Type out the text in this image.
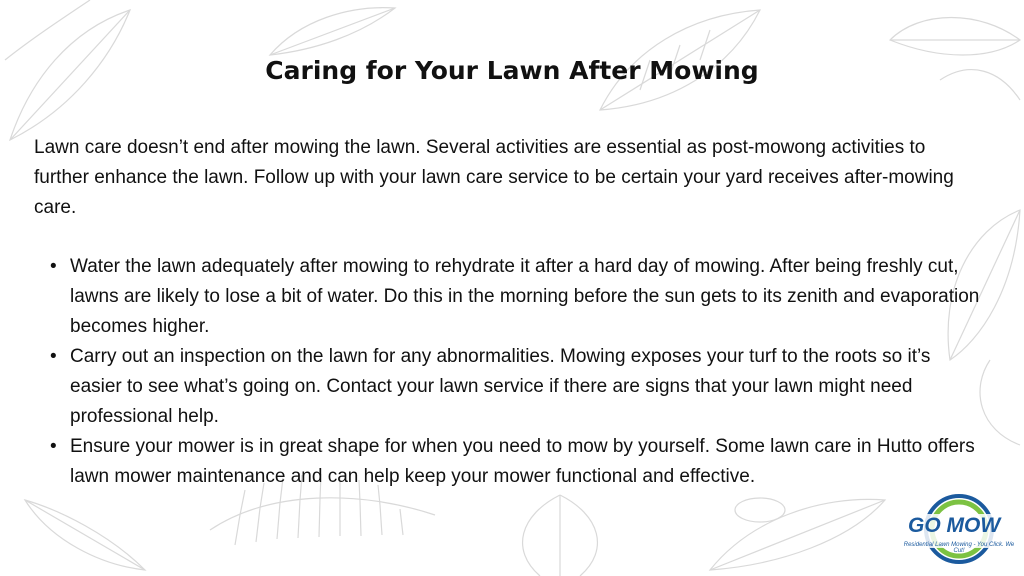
Caring for Your Lawn After Mowing

Lawn care doesn’t end after mowing the lawn. Several activities are essential as post-mowong activities to further enhance the lawn. Follow up with your lawn care service to be certain your yard receives after-mowing care.

• Water the lawn adequately after mowing to rehydrate it after a hard day of mowing. After being freshly cut, lawns are likely to lose a bit of water. Do this in the morning before the sun gets to its zenith and evaporation becomes higher.
• Carry out an inspection on the lawn for any abnormalities. Mowing exposes your turf to the roots so it’s easier to see what’s going on. Contact your lawn service if there are signs that your lawn might need professional help.
• Ensure your mower is in great shape for when you need to mow by yourself. Some lawn care in Hutto offers lawn mower maintenance and can help keep your mower functional and effective.
GO MOW
Residential Lawn Mowing - You Click. We Cut!
